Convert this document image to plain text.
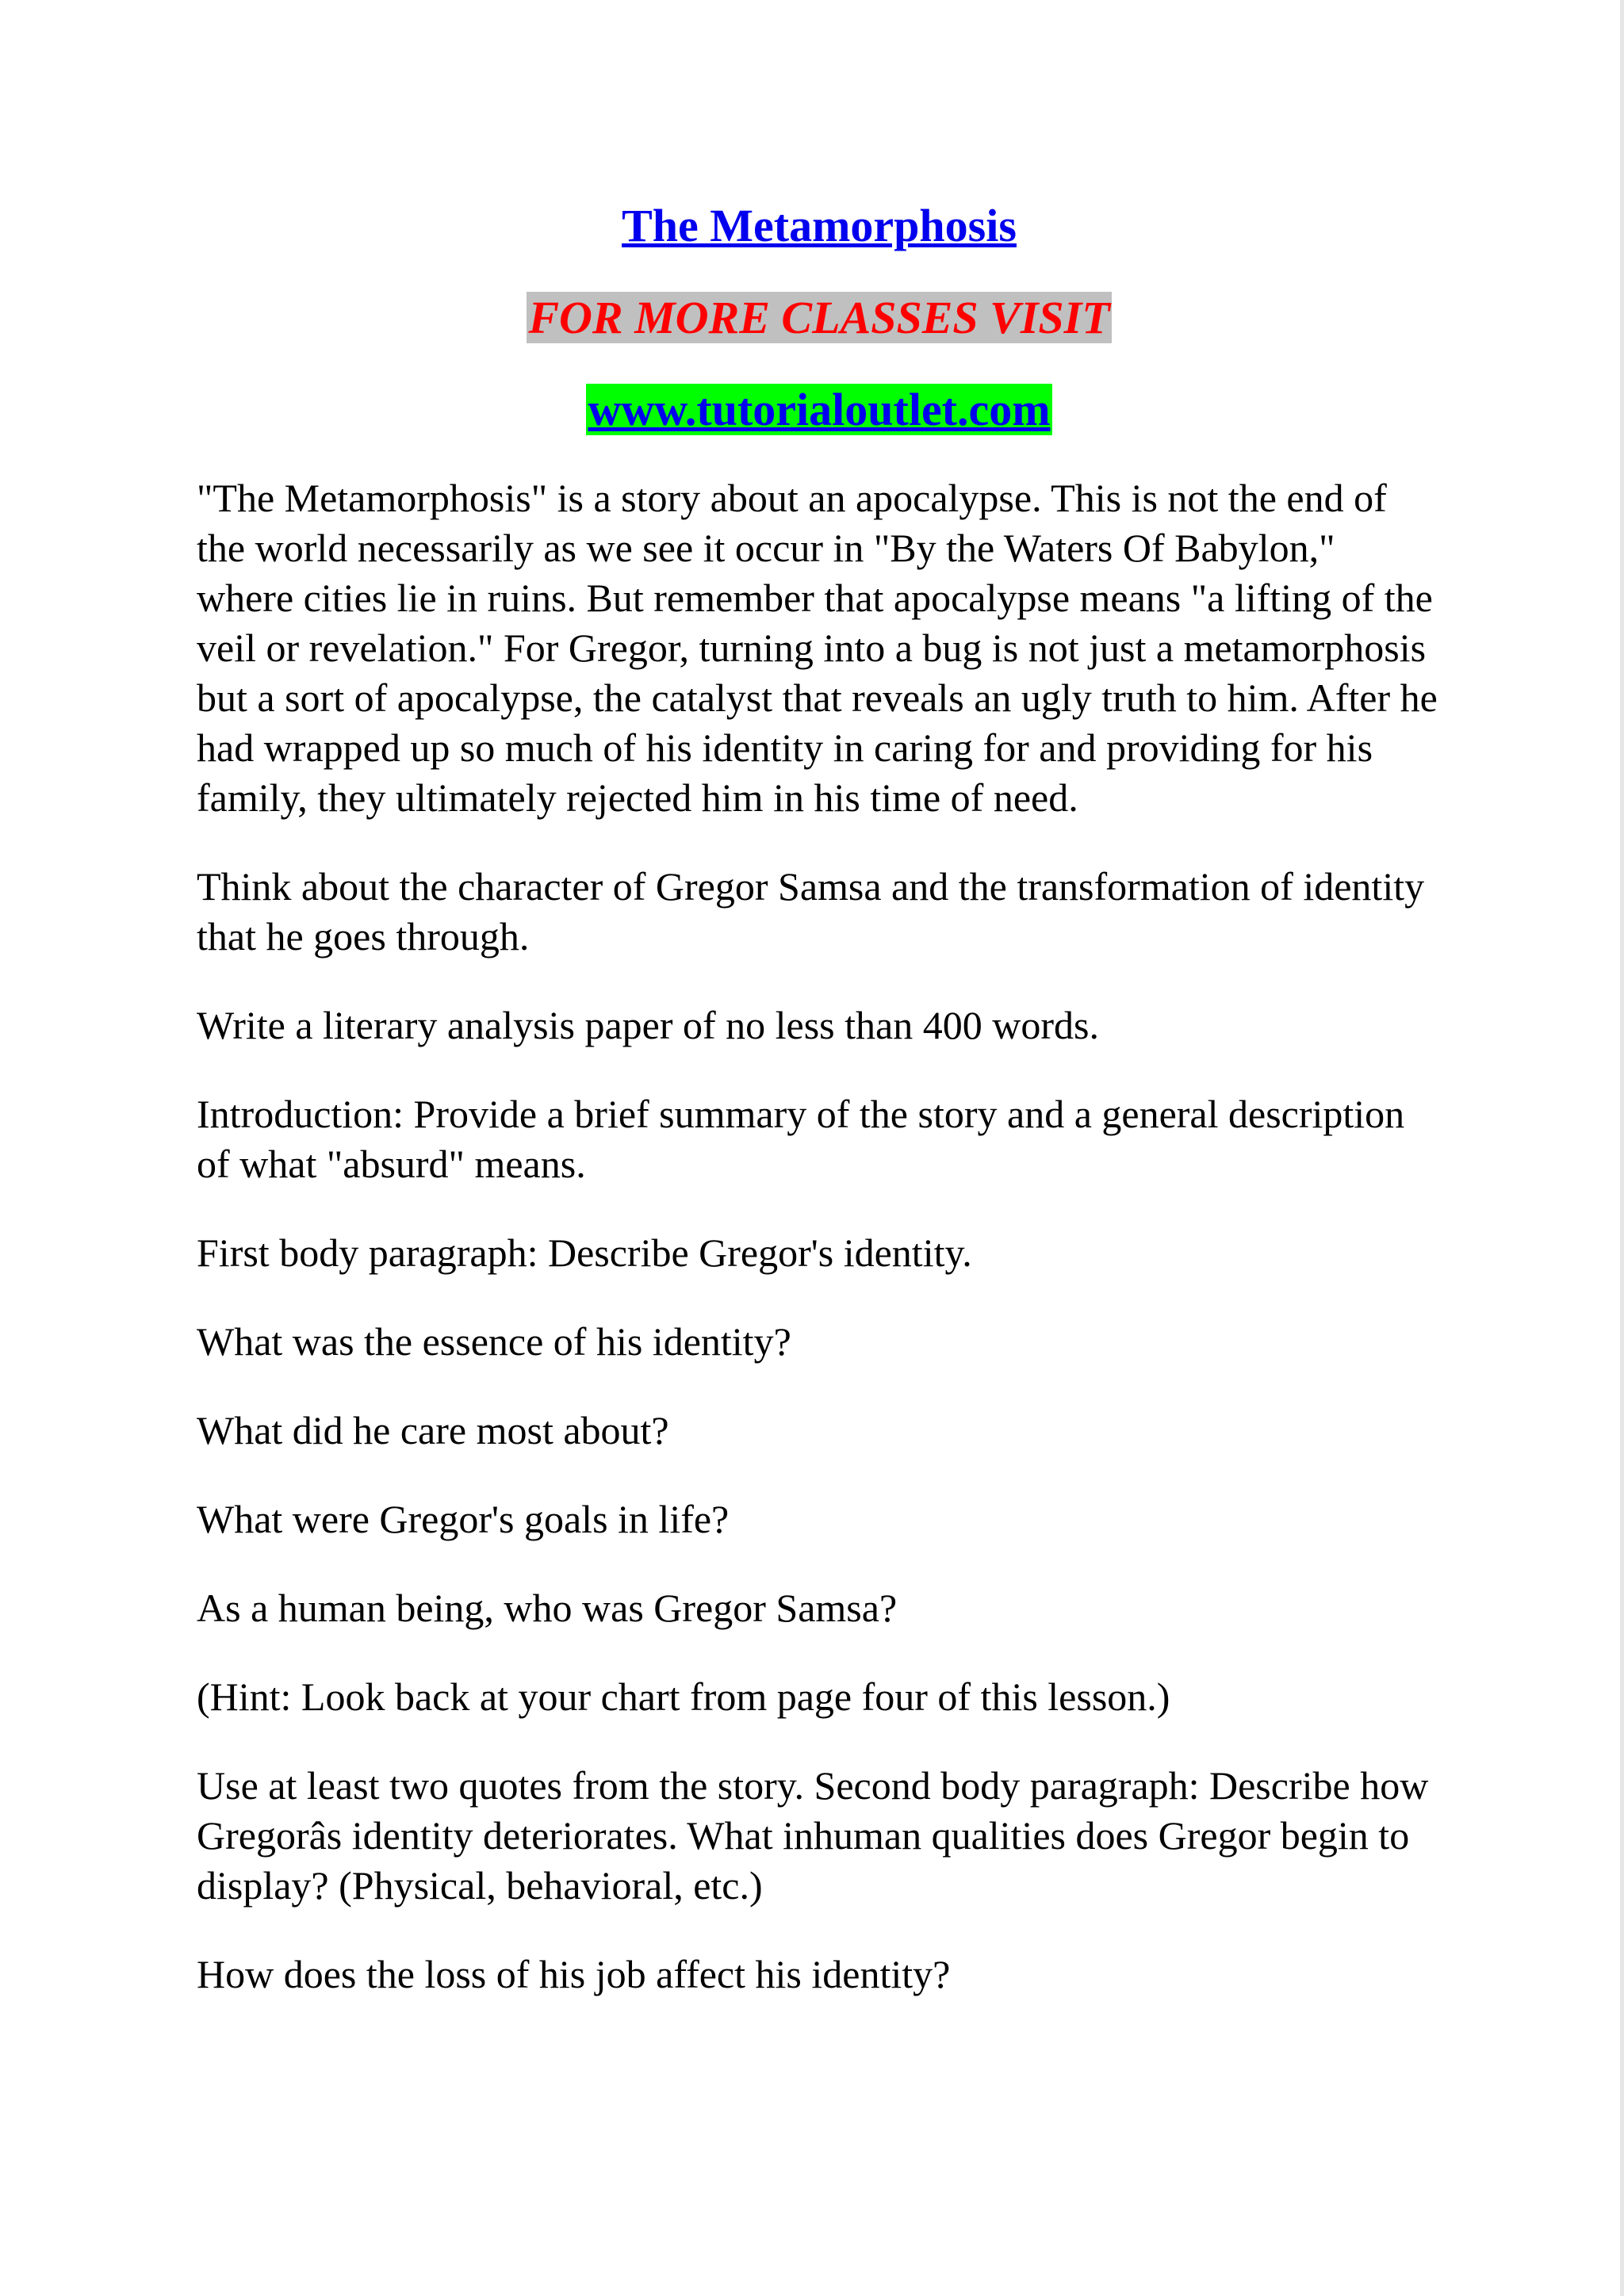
The Metamorphosis
FOR MORE CLASSES VISIT
www.tutorialoutlet.com

"The Metamorphosis" is a story about an apocalypse. This is not the end of the world necessarily as we see it occur in "By the Waters Of Babylon," where cities lie in ruins. But remember that apocalypse means "a lifting of the veil or revelation." For Gregor, turning into a bug is not just a metamorphosis but a sort of apocalypse, the catalyst that reveals an ugly truth to him. After he had wrapped up so much of his identity in caring for and providing for his family, they ultimately rejected him in his time of need.

Think about the character of Gregor Samsa and the transformation of identity that he goes through.

Write a literary analysis paper of no less than 400 words.

Introduction: Provide a brief summary of the story and a general description of what "absurd" means.

First body paragraph: Describe Gregor's identity.

What was the essence of his identity?

What did he care most about?

What were Gregor's goals in life?

As a human being, who was Gregor Samsa?

(Hint: Look back at your chart from page four of this lesson.)

Use at least two quotes from the story. Second body paragraph: Describe how Gregorâs identity deteriorates. What inhuman qualities does Gregor begin to display? (Physical, behavioral, etc.)

How does the loss of his job affect his identity?
